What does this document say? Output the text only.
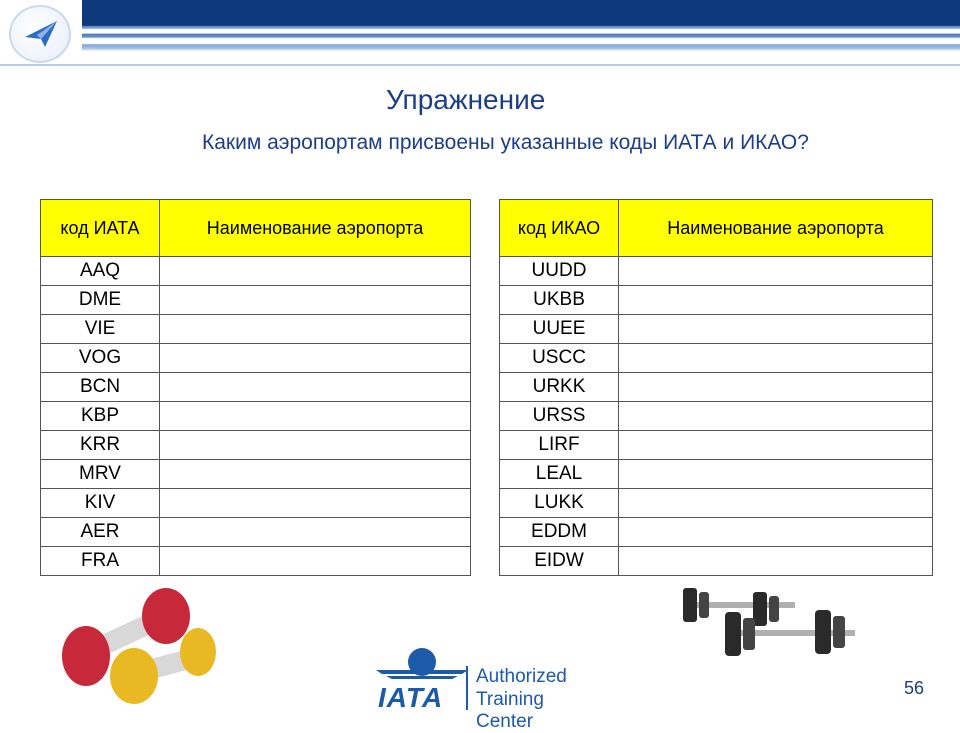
Упражнение
Каким аэропортам присвоены указанные коды ИАТА и ИКАО?
код ИАТА	Наименование аэропорта
AAQ	
DME	
VIE	
VOG	
BCN	
KBP	
KRR	
MRV	
KIV	
AER	
FRA	
код ИКАО	Наименование аэропорта
UUDD	
UKBB	
UUEE	
USCC	
URKK	
URSS	
LIRF	
LEAL	
LUKK	
EDDM	
EIDW	
IATA
Authorized
Training Center
56
